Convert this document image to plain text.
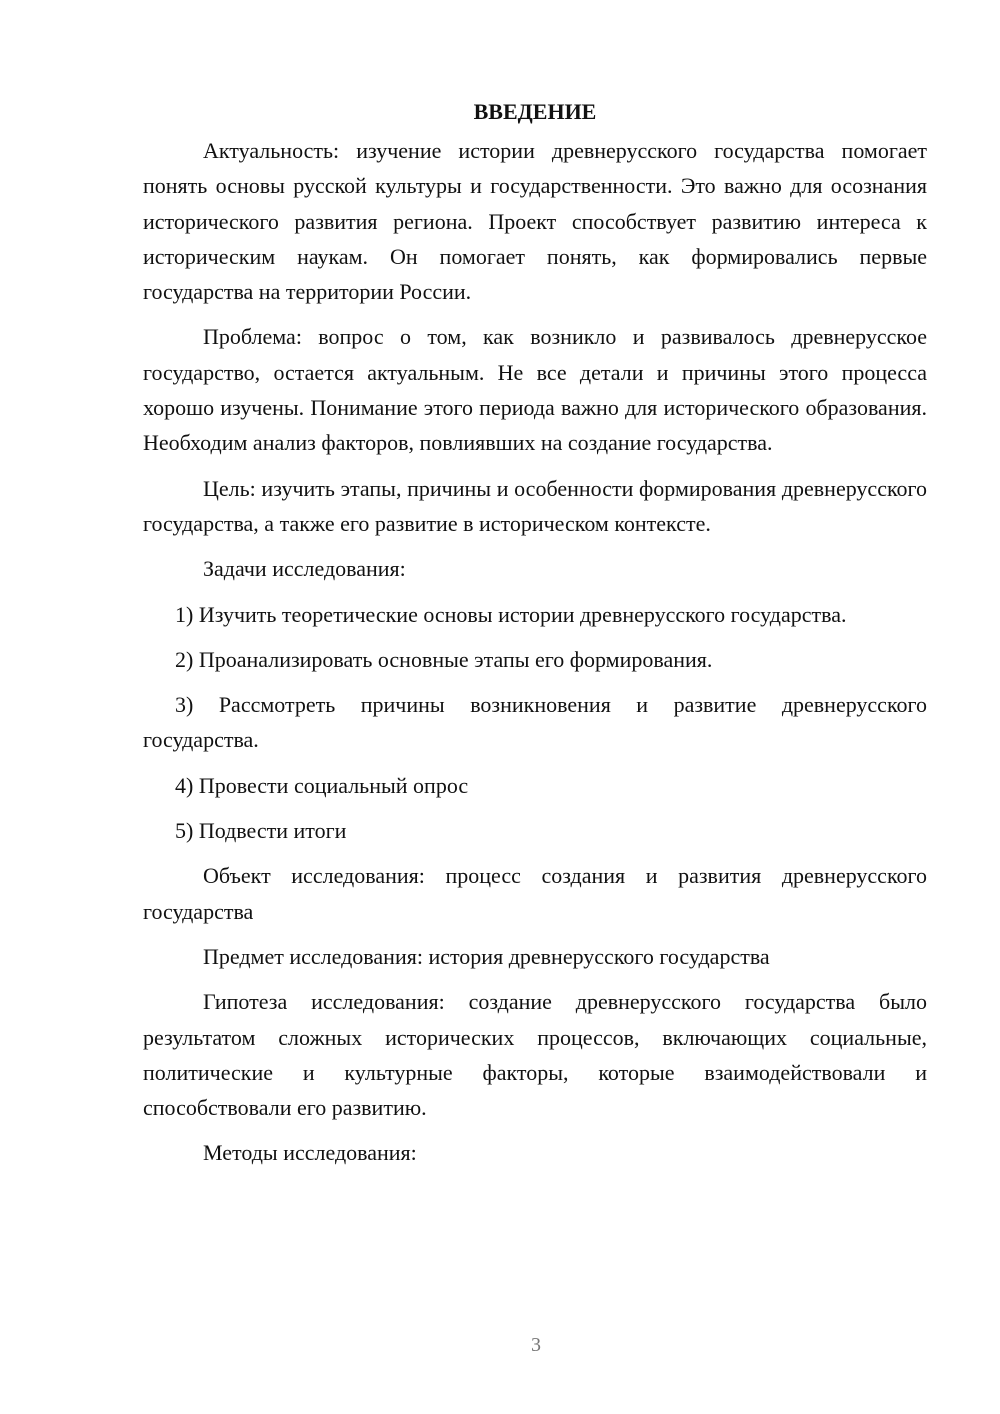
ВВЕДЕНИЕ

Актуальность: изучение истории древнерусского государства помогает понять основы русской культуры и государственности. Это важно для осознания исторического развития региона. Проект способствует развитию интереса к историческим наукам. Он помогает понять, как формировались первые государства на территории России.

Проблема: вопрос о том, как возникло и развивалось древнерусское государство, остается актуальным. Не все детали и причины этого процесса хорошо изучены. Понимание этого периода важно для исторического образования. Необходим анализ факторов, повлиявших на создание государства.

Цель: изучить этапы, причины и особенности формирования древнерусского государства, а также его развитие в историческом контексте.

Задачи исследования:

1) Изучить теоретические основы истории древнерусского государства.

2) Проанализировать основные этапы его формирования.

3) Рассмотреть причины возникновения и развитие древнерусского государства.

4) Провести социальный опрос

5) Подвести итоги

Объект исследования: процесс создания и развития древнерусского государства

Предмет исследования: история древнерусского государства

Гипотеза исследования: создание древнерусского государства было результатом сложных исторических процессов, включающих социальные, политические и культурные факторы, которые взаимодействовали и способствовали его развитию.

Методы исследования:

3
